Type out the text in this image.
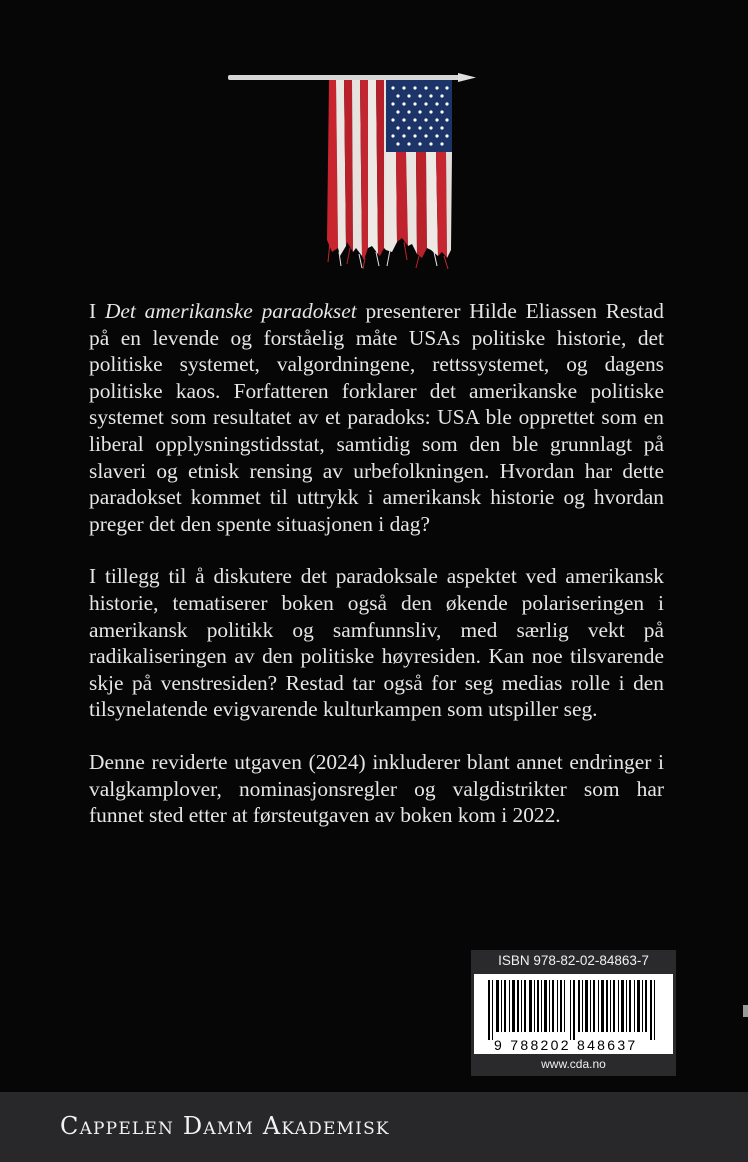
I Det amerikanske paradokset presenterer Hilde Eliassen Restad på en levende og forståelig måte USAs politiske historie, det politiske systemet, valgordningene, rettssystemet, og dagens politiske kaos. Forfatteren forklarer det amerikanske politiske systemet som resultatet av et paradoks: USA ble opprettet som en liberal opplysningstidsstat, samtidig som den ble grunnlagt på slaveri og etnisk rensing av urbefolkningen. Hvordan har dette paradokset kommet til uttrykk i amerikansk historie og hvordan preger det den spente situasjonen i dag?

I tillegg til å diskutere det paradoksale aspektet ved amerikansk historie, tematiserer boken også den økende polariseringen i amerikansk politikk og samfunnsliv, med særlig vekt på radikaliseringen av den politiske høyresiden. Kan noe tilsvarende skje på venstresiden? Restad tar også for seg medias rolle i den tilsynelatende evigvarende kulturkampen som utspiller seg.

Denne reviderte utgaven (2024) inkluderer blant annet endringer i valgkamplover, nominasjonsregler og valgdistrikter som har funnet sted etter at førsteutgaven av boken kom i 2022.

ISBN 978-82-02-84863-7
9 788202 848637
www.cda.no
Cappelen Damm Akademisk
